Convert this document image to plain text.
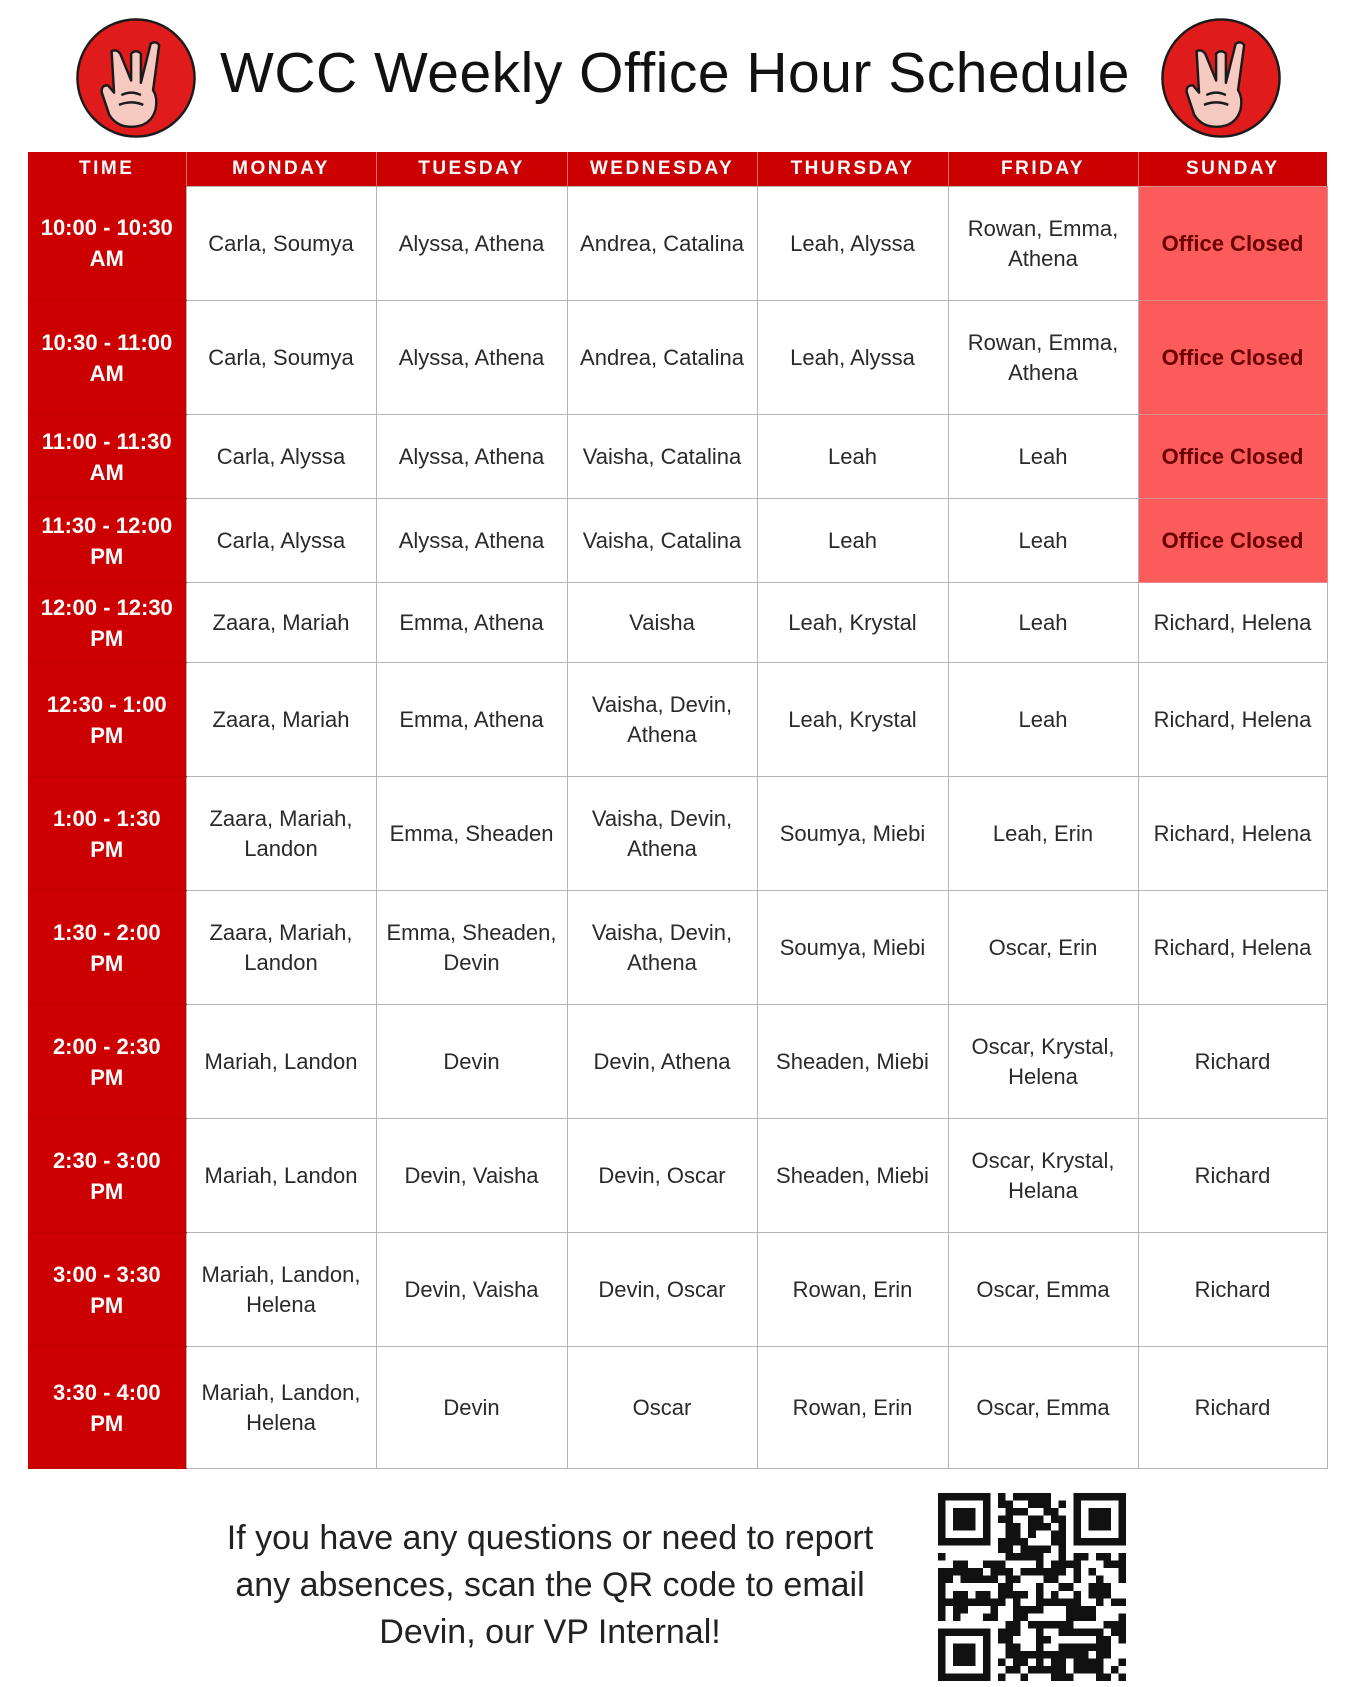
WCC Weekly Office Hour Schedule
TIME	MONDAY	TUESDAY	WEDNESDAY	THURSDAY	FRIDAY	SUNDAY

10:00 - 10:30
AM	Carla, Soumya	Alyssa, Athena	Andrea, Catalina	Leah, Alyssa	Rowan, Emma, Athena	Office Closed

10:30 - 11:00
AM	Carla, Soumya	Alyssa, Athena	Andrea, Catalina	Leah, Alyssa	Rowan, Emma, Athena	Office Closed

11:00 - 11:30
AM	Carla, Alyssa	Alyssa, Athena	Vaisha, Catalina	Leah	Leah	Office Closed

11:30 - 12:00
PM	Carla, Alyssa	Alyssa, Athena	Vaisha, Catalina	Leah	Leah	Office Closed

12:00 - 12:30
PM	Zaara, Mariah	Emma, Athena	Vaisha	Leah, Krystal	Leah	Richard, Helena

12:30 - 1:00
PM	Zaara, Mariah	Emma, Athena	Vaisha, Devin, Athena	Leah, Krystal	Leah	Richard, Helena

1:00 - 1:30
PM	Zaara, Mariah, Landon	Emma, Sheaden	Vaisha, Devin, Athena	Soumya, Miebi	Leah, Erin	Richard, Helena

1:30 - 2:00
PM	Zaara, Mariah, Landon	Emma, Sheaden, Devin	Vaisha, Devin, Athena	Soumya, Miebi	Oscar, Erin	Richard, Helena

2:00 - 2:30
PM	Mariah, Landon	Devin	Devin, Athena	Sheaden, Miebi	Oscar, Krystal, Helena	Richard

2:30 - 3:00
PM	Mariah, Landon	Devin, Vaisha	Devin, Oscar	Sheaden, Miebi	Oscar, Krystal, Helana	Richard

3:00 - 3:30
PM	Mariah, Landon, Helena	Devin, Vaisha	Devin, Oscar	Rowan, Erin	Oscar, Emma	Richard

3:30 - 4:00
PM	Mariah, Landon, Helena	Devin	Oscar	Rowan, Erin	Oscar, Emma	Richard
If you have any questions or need to report
any absences, scan the QR code to email
Devin, our VP Internal!
